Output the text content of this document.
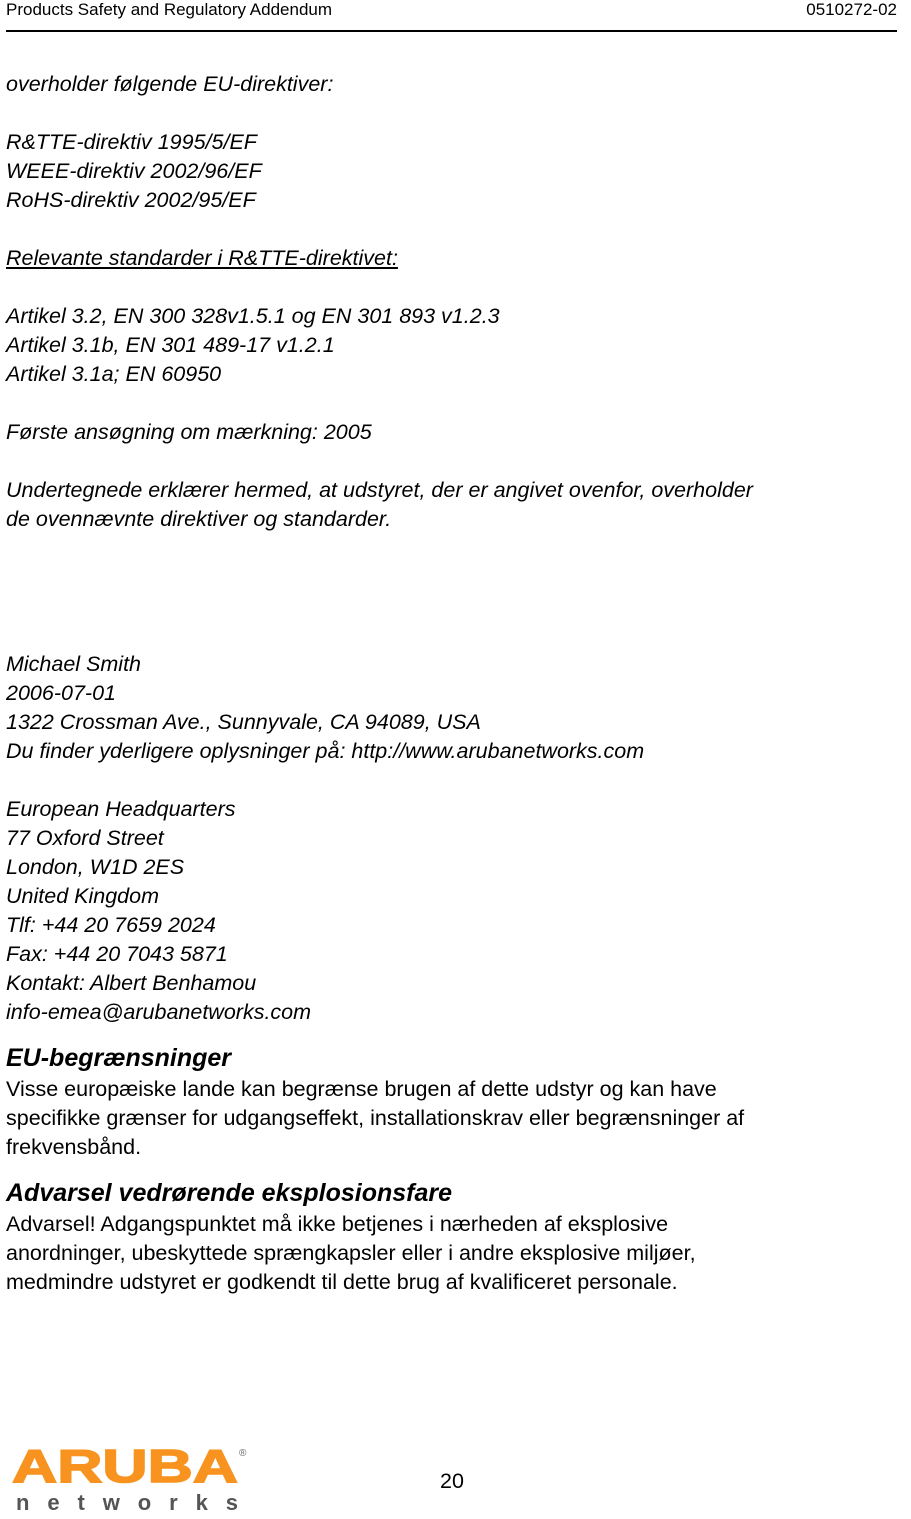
Products Safety and Regulatory Addendum	0510272-02
overholder følgende EU-direktiver:
R&TTE-direktiv 1995/5/EF
WEEE-direktiv 2002/96/EF
RoHS-direktiv 2002/95/EF
Relevante standarder i R&TTE-direktivet:
Artikel 3.2, EN 300 328v1.5.1 og EN 301 893 v1.2.3
Artikel 3.1b, EN 301 489-17 v1.2.1
Artikel 3.1a; EN 60950
Første ansøgning om mærkning: 2005
Undertegnede erklærer hermed, at udstyret, der er angivet ovenfor, overholder
de ovennævnte direktiver og standarder.
Michael Smith
2006-07-01
1322 Crossman Ave., Sunnyvale, CA 94089, USA
Du finder yderligere oplysninger på: http://www.arubanetworks.com
European Headquarters
77 Oxford Street
London, W1D 2ES
United Kingdom
Tlf: +44 20 7659 2024
Fax: +44 20 7043 5871
Kontakt: Albert Benhamou
info-emea@arubanetworks.com
EU-begrænsninger
Visse europæiske lande kan begrænse brugen af dette udstyr og kan have
specifikke grænser for udgangseffekt, installationskrav eller begrænsninger af
frekvensbånd.
Advarsel vedrørende eksplosionsfare
Advarsel! Adgangspunktet må ikke betjenes i nærheden af eksplosive
anordninger, ubeskyttede sprængkapsler eller i andre eksplosive miljøer,
medmindre udstyret er godkendt til dette brug af kvalificeret personale.
ARUBA ®
networks
20
